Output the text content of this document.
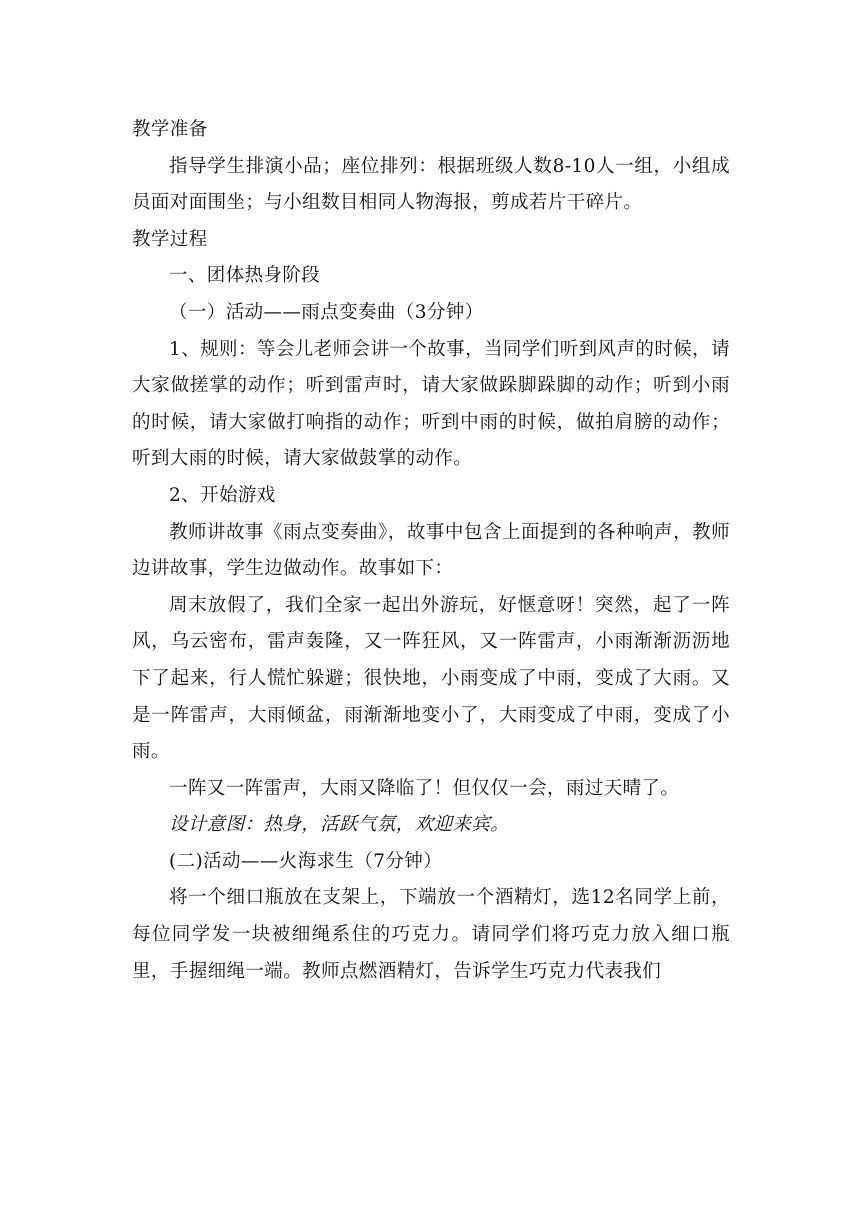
教学准备

指导学生排演小品；座位排列：根据班级人数8-10人一组，小组成员面对面围坐；与小组数目相同人物海报，剪成若片干碎片。

教学过程

一、团体热身阶段

（一）活动——雨点变奏曲（3分钟）

1、规则：等会儿老师会讲一个故事，当同学们听到风声的时候，请大家做搓掌的动作；听到雷声时，请大家做跺脚跺脚的动作；听到小雨的时候，请大家做打响指的动作；听到中雨的时候，做拍肩膀的动作；听到大雨的时候，请大家做鼓掌的动作。

2、开始游戏

教师讲故事《雨点变奏曲》，故事中包含上面提到的各种响声，教师边讲故事，学生边做动作。故事如下：

周末放假了，我们全家一起出外游玩，好惬意呀！突然，起了一阵风，乌云密布，雷声轰隆，又一阵狂风，又一阵雷声，小雨渐渐沥沥地下了起来，行人慌忙躲避；很快地，小雨变成了中雨，变成了大雨。又是一阵雷声，大雨倾盆，雨渐渐地变小了，大雨变成了中雨，变成了小雨。

一阵又一阵雷声，大雨又降临了！但仅仅一会，雨过天晴了。

设计意图：热身，活跃气氛，欢迎来宾。

(二)活动——火海求生（7分钟）

将一个细口瓶放在支架上，下端放一个酒精灯，选12名同学上前，每位同学发一块被细绳系住的巧克力。请同学们将巧克力放入细口瓶里，手握细绳一端。教师点燃酒精灯，告诉学生巧克力代表我们
